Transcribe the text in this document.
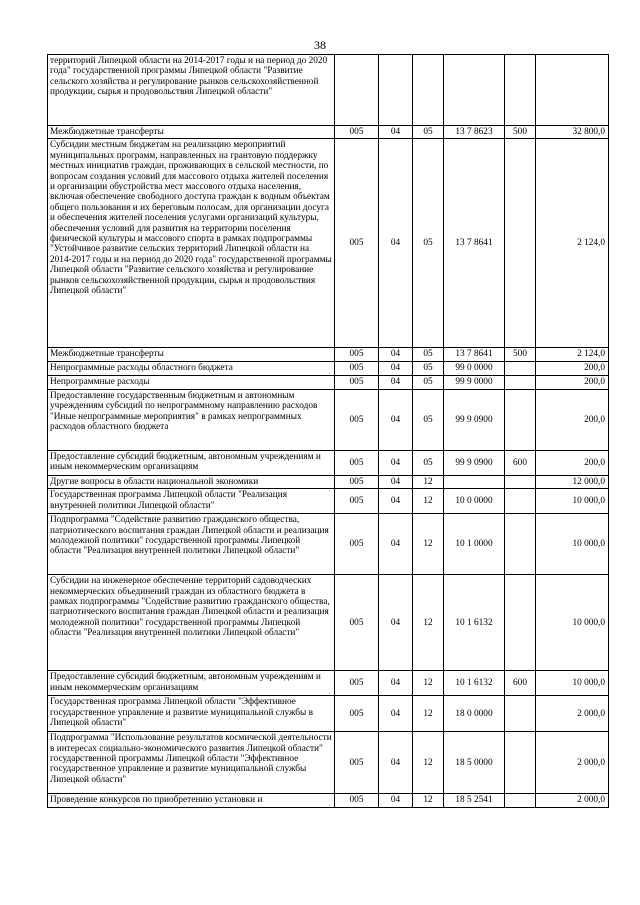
38
территорий Липецкой области на 2014-2017 годы и на период до 2020 года" государственной программы Липецкой области "Развитие сельского хозяйства и регулирование рынков сельскохозяйственной продукции, сырья и продовольствия Липецкой области"						
Межбюджетные трансферты	005	04	05	13 7 8623	500	32 800,0
Субсидии местным бюджетам на реализацию мероприятий муниципальных программ, направленных на грантовую поддержку местных инициатив граждан, проживающих в сельской местности, по вопросам создания условий для массового отдыха жителей поселения и организации обустройства мест массового отдыха населения, включая обеспечение свободного доступа граждан к водным объектам общего пользования и их береговым полосам, для организации досуга и обеспечения жителей поселения услугами организаций культуры, обеспечения условий для развития на территории поселения физической культуры и массового спорта в рамках подпрограммы "Устойчивое развитие сельских территорий Липецкой области на 2014-2017 годы и на период до 2020 года" государственной программы Липецкой области "Развитие сельского хозяйства и регулирование рынков сельскохозяйственной продукции, сырья и продовольствия Липецкой области"	005	04	05	13 7 8641		2 124,0
Межбюджетные трансферты	005	04	05	13 7 8641	500	2 124,0
Непрограммные расходы областного бюджета	005	04	05	99 0 0000		200,0
Непрограммные расходы	005	04	05	99 9 0000		200,0
Предоставление государственным бюджетным и автономным учреждениям субсидий по непрограммному направлению расходов "Иные непрограммные мероприятия" в рамках непрограммных расходов областного бюджета	005	04	05	99 9 0900		200,0
Предоставление субсидий бюджетным, автономным учреждениям и иным некоммерческим организациям	005	04	05	99 9 0900	600	200,0
Другие вопросы в области национальной экономики	005	04	12			12 000,0
Государственная программа Липецкой области "Реализация внутренней политики Липецкой области"	005	04	12	10 0 0000		10 000,0
Подпрограмма "Содействие развитию гражданского общества, патриотического воспитания граждан Липецкой области и реализация молодежной политики" государственной программы Липецкой области "Реализация внутренней политики Липецкой области"	005	04	12	10 1 0000		10 000,0
Субсидии на инженерное обеспечение территорий садоводческих некоммерческих объединений граждан из областного бюджета в рамках подпрограммы "Содействие развитию гражданского общества, патриотического воспитания граждан Липецкой области и реализация молодежной политики" государственной программы Липецкой области "Реализация внутренней политики Липецкой области"	005	04	12	10 1 6132		10 000,0
Предоставление субсидий бюджетным, автономным учреждениям и иным некоммерческим организациям	005	04	12	10 1 6132	600	10 000,0
Государственная программа Липецкой области "Эффективное государственное управление и развитие муниципальной службы в Липецкой области"	005	04	12	18 0 0000		2 000,0
Подпрограмма "Использование результатов космической деятельности в интересах социально-экономического развития Липецкой области" государственной программы Липецкой области "Эффективное государственное управление и развитие муниципальной службы Липецкой области"	005	04	12	18 5 0000		2 000,0
Проведение конкурсов по приобретению установки и	005	04	12	18 5 2541		2 000,0
